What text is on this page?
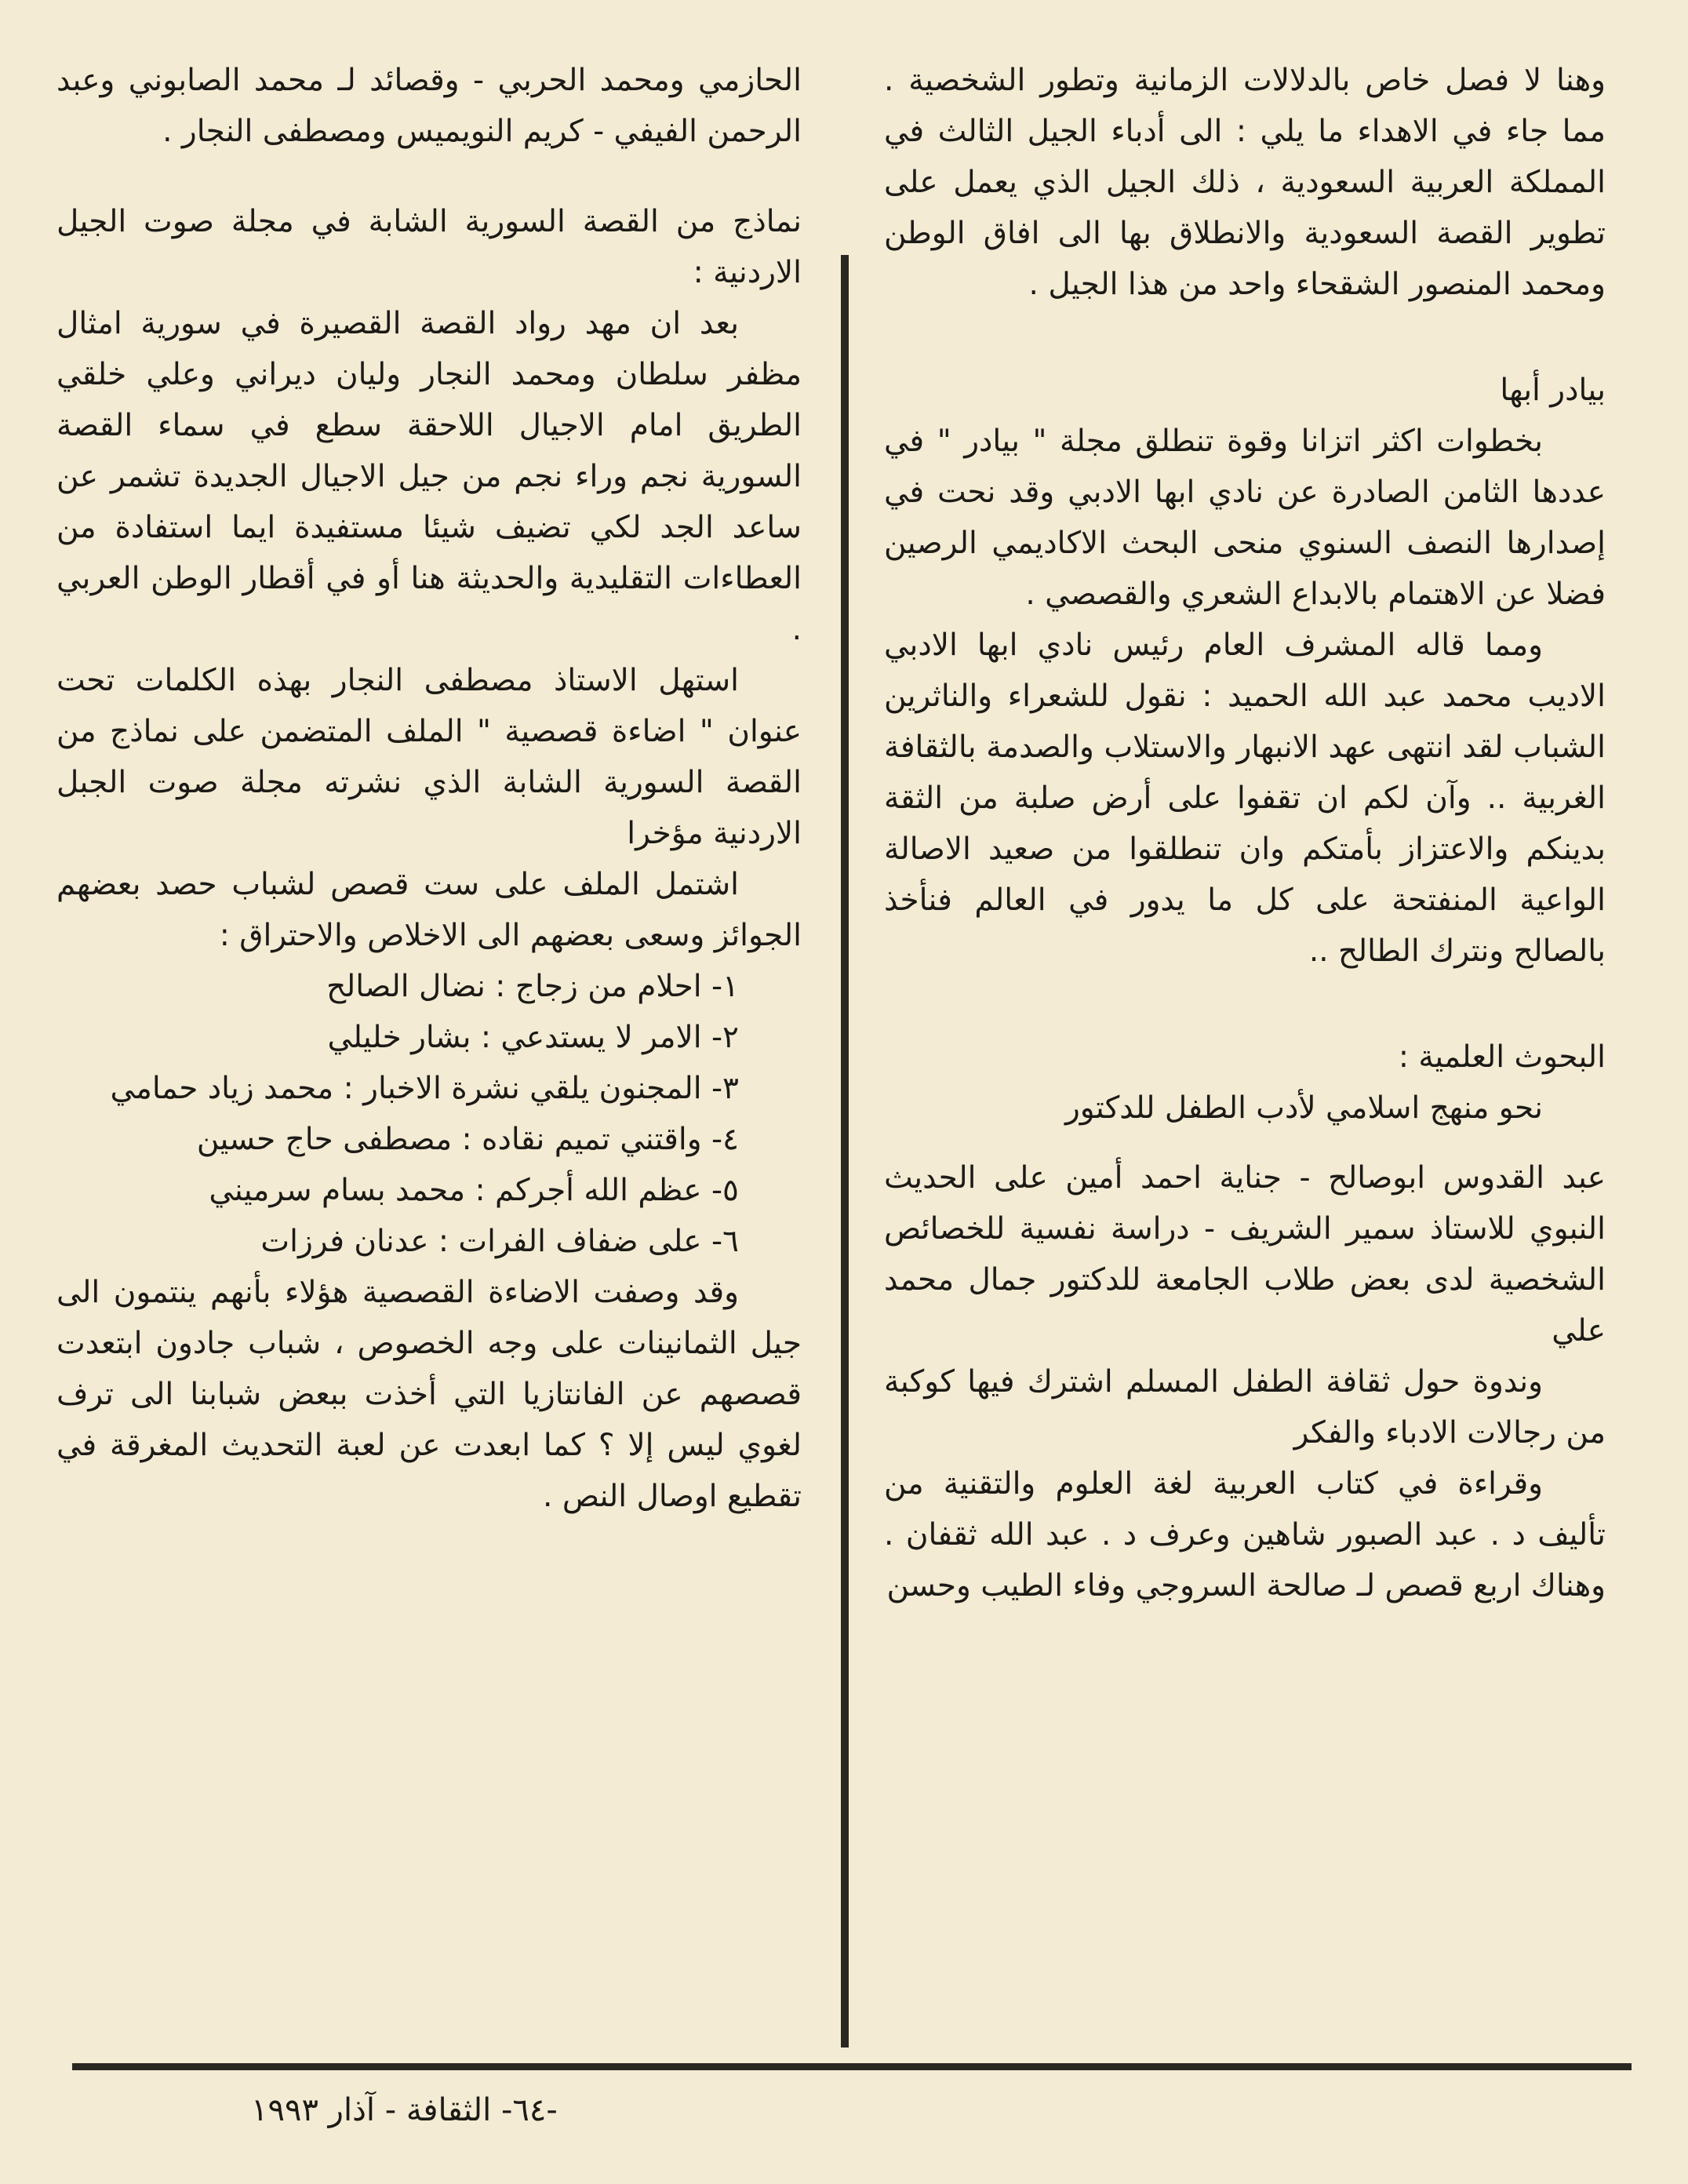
وهنا لا فصل خاص بالدلالات الزمانية وتطور الشخصية . مما جاء في الاهداء ما يلي : الى أدباء الجيل الثالث في المملكة العربية السعودية ، ذلك الجيل الذي يعمل على تطوير القصة السعودية والانطلاق بها الى افاق الوطن ومحمد المنصور الشقحاء واحد من هذا الجيل .

بيادر أبها

بخطوات اكثر اتزانا وقوة تنطلق مجلة " بيادر " في عددها الثامن الصادرة عن نادي ابها الادبي وقد نحت في إصدارها النصف السنوي منحى البحث الاكاديمي الرصين فضلا عن الاهتمام بالابداع الشعري والقصصي .

ومما قاله المشرف العام رئيس نادي ابها الادبي الاديب محمد عبد الله الحميد : نقول للشعراء والناثرين الشباب لقد انتهى عهد الانبهار والاستلاب والصدمة بالثقافة الغربية .. وآن لكم ان تقفوا على أرض صلبة من الثقة بدينكم والاعتزاز بأمتكم وان تنطلقوا من صعيد الاصالة الواعية المنفتحة على كل ما يدور في العالم فنأخذ بالصالح ونترك الطالح ..

البحوث العلمية :

نحو منهج اسلامي لأدب الطفل للدكتور

عبد القدوس ابوصالح - جناية احمد أمين على الحديث النبوي للاستاذ سمير الشريف - دراسة نفسية للخصائص الشخصية لدى بعض طلاب الجامعة للدكتور جمال محمد علي

وندوة حول ثقافة الطفل المسلم اشترك فيها كوكبة من رجالات الادباء والفكر

وقراءة في كتاب العربية لغة العلوم والتقنية من تأليف د . عبد الصبور شاهين وعرف د . عبد الله ثقفان . وهناك اربع قصص لـ صالحة السروجي وفاء الطيب وحسن

الحازمي ومحمد الحربي - وقصائد لـ محمد الصابوني وعبد الرحمن الفيفي - كريم النويميس ومصطفى النجار .

نماذج من القصة السورية الشابة في مجلة صوت الجيل الاردنية :

بعد ان مهد رواد القصة القصيرة في سورية امثال مظفر سلطان ومحمد النجار وليان ديراني وعلي خلقي الطريق امام الاجيال اللاحقة سطع في سماء القصة السورية نجم وراء نجم من جيل الاجيال الجديدة تشمر عن ساعد الجد لكي تضيف شيئا مستفيدة ايما استفادة من العطاءات التقليدية والحديثة هنا أو في أقطار الوطن العربي .

استهل الاستاذ مصطفى النجار بهذه الكلمات تحت عنوان " اضاءة قصصية " الملف المتضمن على نماذج من القصة السورية الشابة الذي نشرته مجلة صوت الجبل الاردنية مؤخرا

اشتمل الملف على ست قصص لشباب حصد بعضهم الجوائز وسعى بعضهم الى الاخلاص والاحتراق :

١- احلام من زجاج : نضال الصالح

٢- الامر لا يستدعي : بشار خليلي

٣- المجنون يلقي نشرة الاخبار : محمد زياد حمامي

٤- واقتني تميم نقاده : مصطفى حاج حسين

٥- عظم الله أجركم : محمد بسام سرميني

٦- على ضفاف الفرات : عدنان فرزات

وقد وصفت الاضاءة القصصية هؤلاء بأنهم ينتمون الى جيل الثمانينات على وجه الخصوص ، شباب جادون ابتعدت قصصهم عن الفانتازيا التي أخذت ببعض شبابنا الى ترف لغوي ليس إلا ؟ كما ابعدت عن لعبة التحديث المغرقة في تقطيع اوصال النص .

-٦٤- الثقافة - آذار ١٩٩٣
